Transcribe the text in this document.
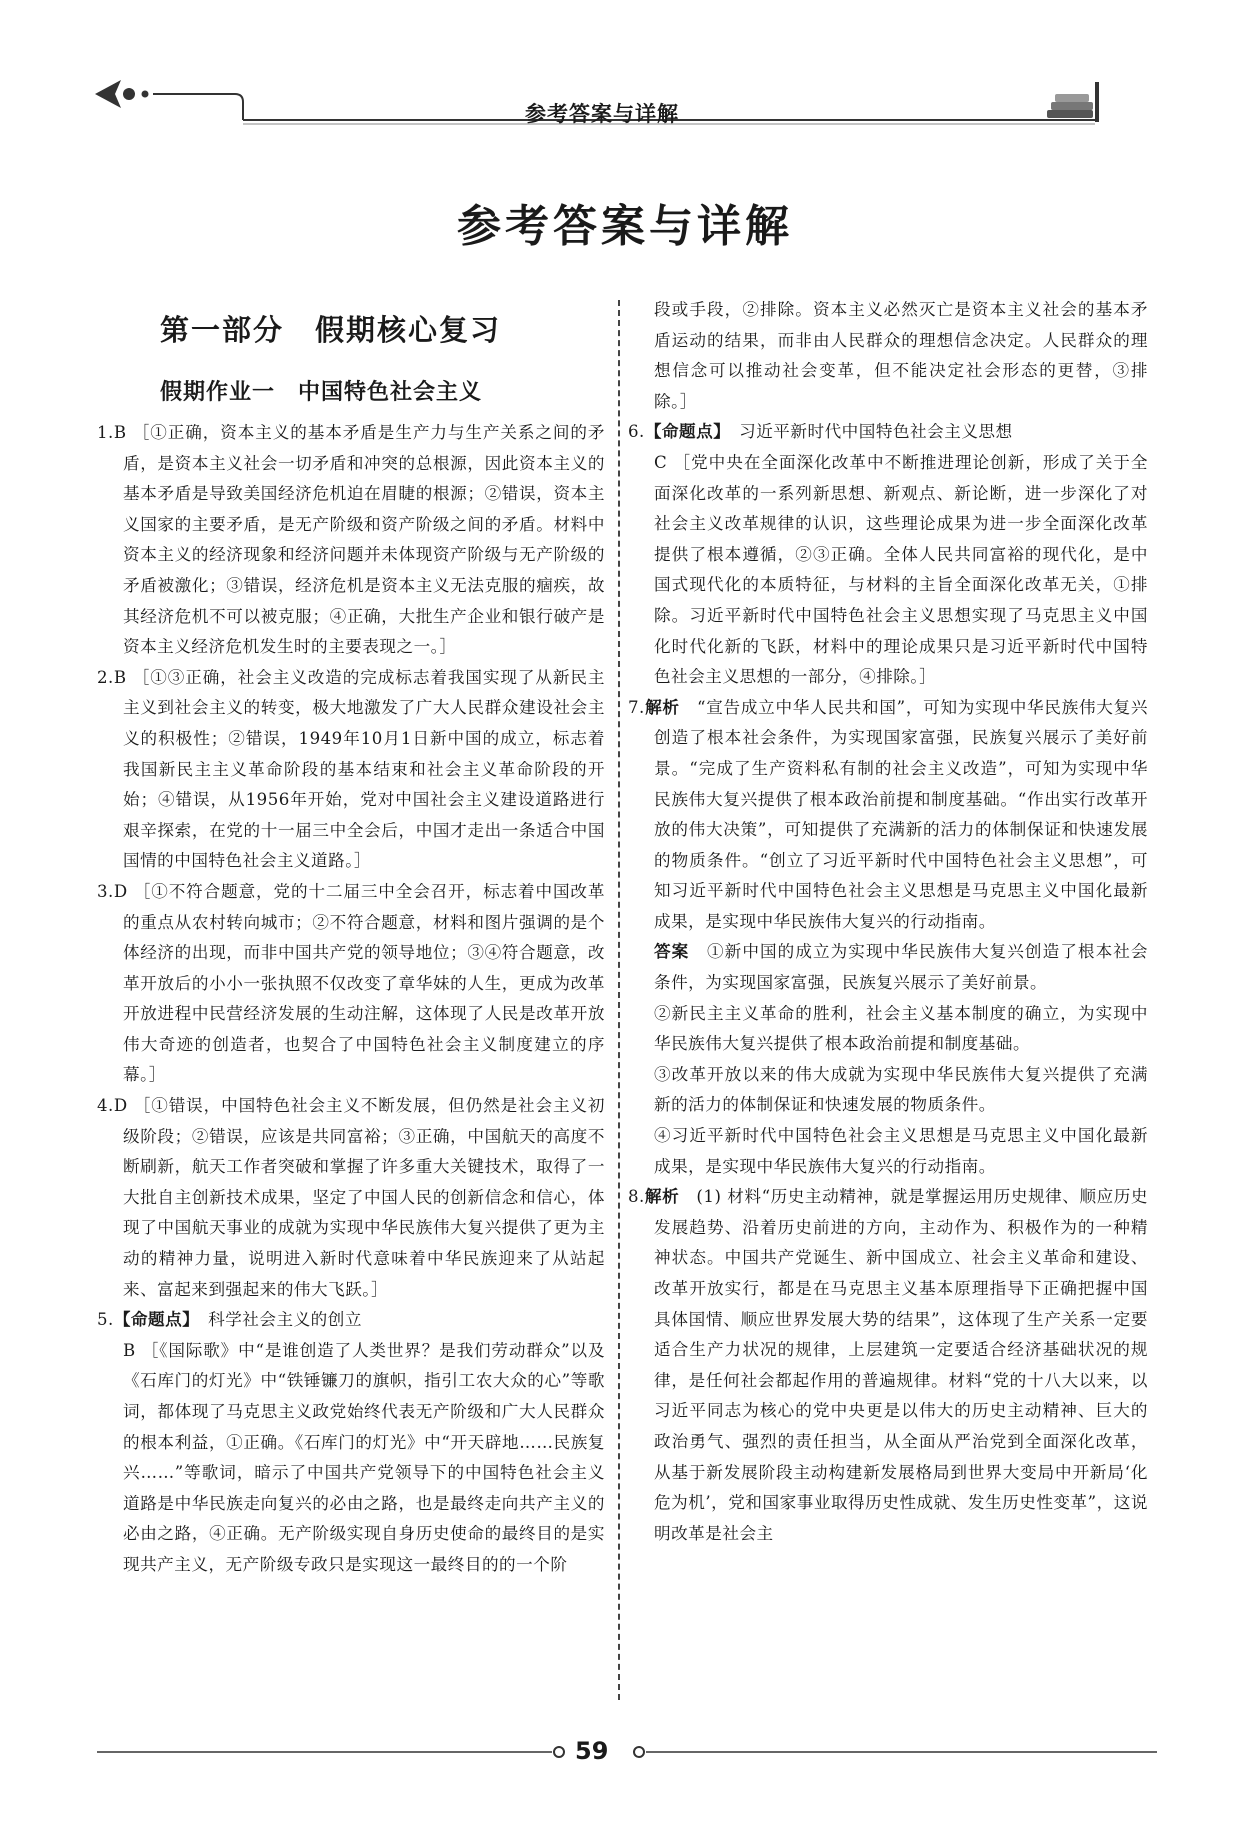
参考答案与详解
参考答案与详解
第一部分　假期核心复习
假期作业一　中国特色社会主义

1.B ［①正确，资本主义的基本矛盾是生产力与生产关系之间的矛盾，是资本主义社会一切矛盾和冲突的总根源，因此资本主义的基本矛盾是导致美国经济危机迫在眉睫的根源；②错误，资本主义国家的主要矛盾，是无产阶级和资产阶级之间的矛盾。材料中资本主义的经济现象和经济问题并未体现资产阶级与无产阶级的矛盾被激化；③错误，经济危机是资本主义无法克服的痼疾，故其经济危机不可以被克服；④正确，大批生产企业和银行破产是资本主义经济危机发生时的主要表现之一。］

2.B ［①③正确，社会主义改造的完成标志着我国实现了从新民主主义到社会主义的转变，极大地激发了广大人民群众建设社会主义的积极性；②错误，1949年10月1日新中国的成立，标志着我国新民主主义革命阶段的基本结束和社会主义革命阶段的开始；④错误，从1956年开始，党对中国社会主义建设道路进行艰辛探索，在党的十一届三中全会后，中国才走出一条适合中国国情的中国特色社会主义道路。］

3.D ［①不符合题意，党的十二届三中全会召开，标志着中国改革的重点从农村转向城市；②不符合题意，材料和图片强调的是个体经济的出现，而非中国共产党的领导地位；③④符合题意，改革开放后的小小一张执照不仅改变了章华妹的人生，更成为改革开放进程中民营经济发展的生动注解，这体现了人民是改革开放伟大奇迹的创造者，也契合了中国特色社会主义制度建立的序幕。］

4.D ［①错误，中国特色社会主义不断发展，但仍然是社会主义初级阶段；②错误，应该是共同富裕；③正确，中国航天的高度不断刷新，航天工作者突破和掌握了许多重大关键技术，取得了一大批自主创新技术成果，坚定了中国人民的创新信念和信心，体现了中国航天事业的成就为实现中华民族伟大复兴提供了更为主动的精神力量，说明进入新时代意味着中华民族迎来了从站起来、富起来到强起来的伟大飞跃。］

5.【命题点】　 科学社会主义的创立

B ［《国际歌》中“是谁创造了人类世界？是我们劳动群众”以及《石库门的灯光》中“铁锤镰刀的旗帜，指引工农大众的心”等歌词，都体现了马克思主义政党始终代表无产阶级和广大人民群众的根本利益，①正确。《石库门的灯光》中“开天辟地……民族复兴……”等歌词，暗示了中国共产党领导下的中国特色社会主义道路是中华民族走向复兴的必由之路，也是最终走向共产主义的必由之路，④正确。无产阶级实现自身历史使命的最终目的是实现共产主义，无产阶级专政只是实现这一最终目的的一个阶

段或手段，②排除。资本主义必然灭亡是资本主义社会的基本矛盾运动的结果，而非由人民群众的理想信念决定。人民群众的理想信念可以推动社会变革，但不能决定社会形态的更替，③排除。］

6.【命题点】　 习近平新时代中国特色社会主义思想

C ［党中央在全面深化改革中不断推进理论创新，形成了关于全面深化改革的一系列新思想、新观点、新论断，进一步深化了对社会主义改革规律的认识，这些理论成果为进一步全面深化改革提供了根本遵循，②③正确。全体人民共同富裕的现代化，是中国式现代化的本质特征，与材料的主旨全面深化改革无关，①排除。习近平新时代中国特色社会主义思想实现了马克思主义中国化时代化新的飞跃，材料中的理论成果只是习近平新时代中国特色社会主义思想的一部分，④排除。］

7.解析　 “宣告成立中华人民共和国”，可知为实现中华民族伟大复兴创造了根本社会条件，为实现国家富强，民族复兴展示了美好前景。“完成了生产资料私有制的社会主义改造”，可知为实现中华民族伟大复兴提供了根本政治前提和制度基础。“作出实行改革开放的伟大决策”，可知提供了充满新的活力的体制保证和快速发展的物质条件。“创立了习近平新时代中国特色社会主义思想”，可知习近平新时代中国特色社会主义思想是马克思主义中国化最新成果，是实现中华民族伟大复兴的行动指南。

答案　 ①新中国的成立为实现中华民族伟大复兴创造了根本社会条件，为实现国家富强，民族复兴展示了美好前景。

②新民主主义革命的胜利，社会主义基本制度的确立，为实现中华民族伟大复兴提供了根本政治前提和制度基础。

③改革开放以来的伟大成就为实现中华民族伟大复兴提供了充满新的活力的体制保证和快速发展的物质条件。

④习近平新时代中国特色社会主义思想是马克思主义中国化最新成果，是实现中华民族伟大复兴的行动指南。

8.解析　 (1) 材料“历史主动精神，就是掌握运用历史规律、顺应历史发展趋势、沿着历史前进的方向，主动作为、积极作为的一种精神状态。中国共产党诞生、新中国成立、社会主义革命和建设、改革开放实行，都是在马克思主义基本原理指导下正确把握中国具体国情、顺应世界发展大势的结果”，这体现了生产关系一定要适合生产力状况的规律，上层建筑一定要适合经济基础状况的规律，是任何社会都起作用的普遍规律。材料“党的十八大以来，以习近平同志为核心的党中央更是以伟大的历史主动精神、巨大的政治勇气、强烈的责任担当，从全面从严治党到全面深化改革，从基于新发展阶段主动构建新发展格局到世界大变局中开新局‘化危为机’，党和国家事业取得历史性成就、发生历史性变革”，这说明改革是社会主

59
